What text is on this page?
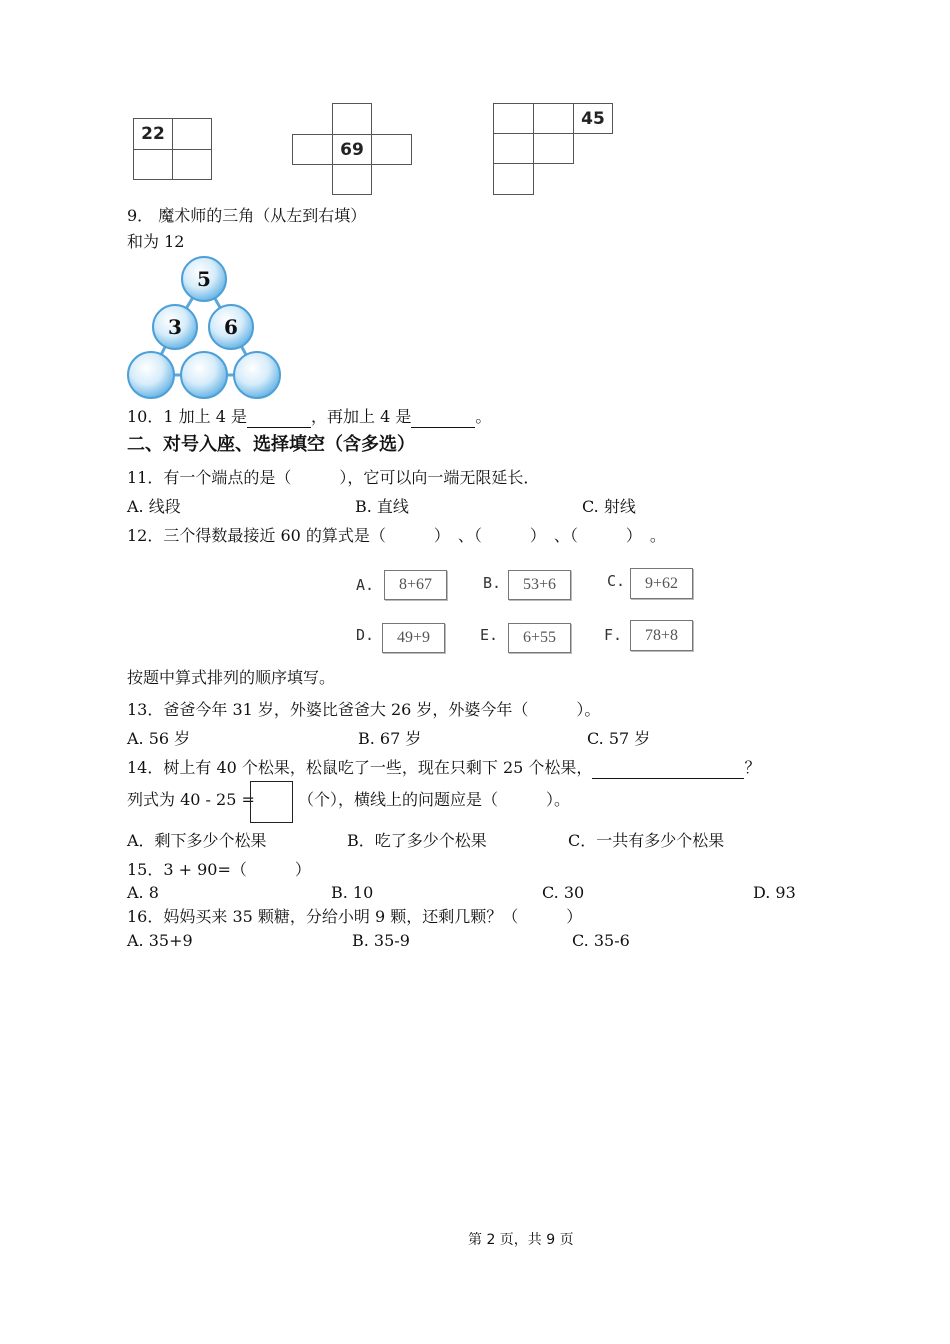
22
69
45
9． 魔术师的三角（从左到右填）
和为 12
5
3 6
10．1 加上 4 是	，再加上 4 是	。
二、对号入座、选择填空（含多选）
11．有一个端点的是（　　　），它可以向一端无限延长．
A. 线段	B. 直线	C. 射线
12．三个得数最接近 60 的算式是（　　　）　、（　　　）　、（　　　）　。
A.	8+67	B.	53+6	C.	9+62
D.	49+9	E.	6+55	F.	78+8
按题中算式排列的顺序填写。
13．爸爸今年 31 岁，外婆比爸爸大 26 岁，外婆今年（　　　）。
A. 56 岁	B. 67 岁	C. 57 岁
14．树上有 40 个松果，松鼠吃了一些，现在只剩下 25 个松果，	？
列式为 40 - 25 =	（个），横线上的问题应是（　　　）。
A．剩下多少个松果	B．吃了多少个松果	C．一共有多少个松果
15．3 + 90=（　　　）
A. 8	B. 10	C. 30	D. 93
16．妈妈买来 35 颗糖，分给小明 9 颗，还剩几颗？（　　　）
A. 35+9	B. 35-9	C. 35-6
第 2 页，共 9 页
